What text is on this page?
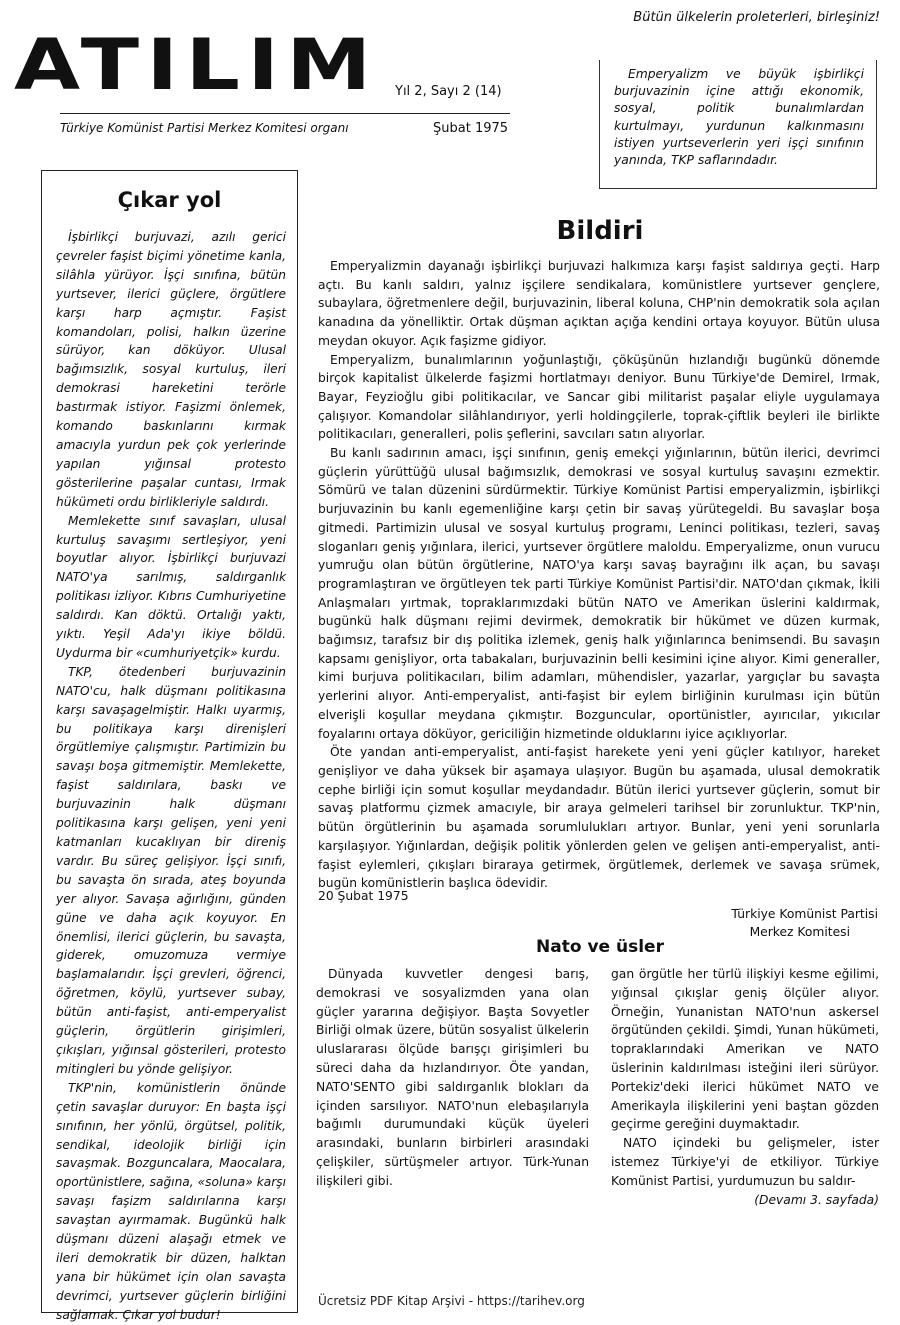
ATILIM	Yıl 2, Sayı 2 (14)
Bütün ülkelerin proleterleri, birleşiniz!
Türkiye Komünist Partisi Merkez Komitesi organı	Şubat 1975
Emperyalizm ve büyük işbirlikçi burjuvazinin içine attığı ekonomik, sosyal, politik bunalımlardan kurtulmayı, yurdunun kalkınmasını istiyen yurtseverlerin yeri işçi sınıfının yanında, TKP saflarındadır.
Çıkar yol

İşbirlikçi burjuvazi, azılı gerici çevreler faşist biçimi yönetime kanla, silâhla yürüyor. İşçi sınıfına, bütün yurtsever, ilerici güçlere, örgütlere karşı harp açmıştır. Faşist komandoları, polisi, halkın üzerine sürüyor, kan döküyor. Ulusal bağımsızlık, sosyal kurtuluş, ileri demokrasi hareketini terörle bastırmak istiyor. Faşizmi önlemek, komando baskınlarını kırmak amacıyla yurdun pek çok yerlerinde yapılan yığınsal protesto gösterilerine paşalar cuntası, Irmak hükümeti ordu birlikleriyle saldırdı.

Memlekette sınıf savaşları, ulusal kurtuluş savaşımı sertleşiyor, yeni boyutlar alıyor. İşbirlikçi burjuvazi NATO'ya sarılmış, saldırganlık politikası izliyor. Kıbrıs Cumhuriyetine saldırdı. Kan döktü. Ortalığı yaktı, yıktı. Yeşil Ada'yı ikiye böldü. Uydurma bir «cumhuriyetçik» kurdu.

TKP, ötedenberi burjuvazinin NATO'cu, halk düşmanı politikasına karşı savaşagelmiştir. Halkı uyarmış, bu politikaya karşı direnişleri örgütlemiye çalışmıştır. Partimizin bu savaşı boşa gitmemiştir. Memlekette, faşist saldırılara, baskı ve burjuvazinin halk düşmanı politikasına karşı gelişen, yeni yeni katmanları kucaklıyan bir direniş vardır. Bu süreç gelişiyor. İşçi sınıfı, bu savaşta ön sırada, ateş boyunda yer alıyor. Savaşa ağırlığını, günden güne ve daha açık koyuyor. En önemlisi, ilerici güçlerin, bu savaşta, giderek, omuzomuza vermiye başlamalarıdır. İşçi grevleri, öğrenci, öğretmen, köylü, yurtsever subay, bütün anti-faşist, anti-emperyalist güçlerin, örgütlerin girişimleri, çıkışları, yığınsal gösterileri, protesto mitingleri bu yönde gelişiyor.

TKP'nin, komünistlerin önünde çetin savaşlar duruyor: En başta işçi sınıfının, her yönlü, örgütsel, politik, sendikal, ideolojik birliği için savaşmak. Bozguncalara, Maocalara, oportünistlere, sağına, «soluna» karşı savaşı faşizm saldırılarına karşı savaştan ayırmamak. Bugünkü halk düşmanı düzeni alaşağı etmek ve ileri demokratik bir düzen, halktan yana bir hükümet için olan savaşta devrimci, yurtsever güçlerin birliğini sağlamak. Çıkar yol budur!

Bildiri

Emperyalizmin dayanağı işbirlikçi burjuvazi halkımıza karşı faşist saldırıya geçti. Harp açtı. Bu kanlı saldırı, yalnız işçilere sendikalara, komünistlere yurtsever gençlere, subaylara, öğretmenlere değil, burjuvazinin, liberal koluna, CHP'nin demokratik sola açılan kanadına da yönelliktir. Ortak düşman açıktan açığa kendini ortaya koyuyor. Bütün ulusa meydan okuyor. Açık faşizme gidiyor.

Emperyalizm, bunalımlarının yoğunlaştığı, çöküşünün hızlandığı bugünkü dönemde birçok kapitalist ülkelerde faşizmi hortlatmayı deniyor. Bunu Türkiye'de Demirel, Irmak, Bayar, Feyzioğlu gibi politikacılar, ve Sancar gibi militarist paşalar eliyle uygulamaya çalışıyor. Komandolar silâhlandırıyor, yerli holdingçilerle, toprak-çiftlik beyleri ile birlikte politikacıları, generalleri, polis şeflerini, savcıları satın alıyorlar.

Bu kanlı sadırının amacı, işçi sınıfının, geniş emekçi yığınlarının, bütün ilerici, devrimci güçlerin yürüttüğü ulusal bağımsızlık, demokrasi ve sosyal kurtuluş savaşını ezmektir. Sömürü ve talan düzenini sürdürmektir. Türkiye Komünist Partisi emperyalizmin, işbirlikçi burjuvazinin bu kanlı egemenliğine karşı çetin bir savaş yürütegeldi. Bu savaşlar boşa gitmedi. Partimizin ulusal ve sosyal kurtuluş programı, Leninci politikası, tezleri, savaş sloganları geniş yığınlara, ilerici, yurtsever örgütlere maloldu. Emperyalizme, onun vurucu yumruğu olan bütün örgütlerine, NATO'ya karşı savaş bayrağını ilk açan, bu savaşı programlaştıran ve örgütleyen tek parti Türkiye Komünist Partisi'dir. NATO'dan çıkmak, İkili Anlaşmaları yırtmak, topraklarımızdaki bütün NATO ve Amerikan üslerini kaldırmak, bugünkü halk düşmanı rejimi devirmek, demokratik bir hükümet ve düzen kurmak, bağımsız, tarafsız bir dış politika izlemek, geniş halk yığınlarınca benimsendi. Bu savaşın kapsamı genişliyor, orta tabakaları, burjuvazinin belli kesimini içine alıyor. Kimi generaller, kimi burjuva politikacıları, bilim adamları, mühendisler, yazarlar, yargıçlar bu savaşta yerlerini alıyor. Anti-emperyalist, anti-faşist bir eylem birliğinin kurulması için bütün elverişli koşullar meydana çıkmıştır. Bozguncular, oportünistler, ayırıcılar, yıkıcılar foyalarını ortaya döküyor, gericiliğin hizmetinde olduklarını iyice açıklıyorlar.

Öte yandan anti-emperyalist, anti-faşist harekete yeni yeni güçler katılıyor, hareket genişliyor ve daha yüksek bir aşamaya ulaşıyor. Bugün bu aşamada, ulusal demokratik cephe birliği için somut koşullar meydandadır. Bütün ilerici yurtsever güçlerin, somut bir savaş platformu çizmek amacıyle, bir araya gelmeleri tarihsel bir zorunluktur. TKP'nin, bütün örgütlerinin bu aşamada sorumlulukları artıyor. Bunlar, yeni yeni sorunlarla karşılaşıyor. Yığınlardan, değişik politik yönlerden gelen ve gelişen anti-emperyalist, anti-faşist eylemleri, çıkışları biraraya getirmek, örgütlemek, derlemek ve savaşa srümek, bugün komünistlerin başlıca ödevidir.

20 Şubat 1975
Türkiye Komünist Partisi
Merkez Komitesi
Nato ve üsler

Dünyada kuvvetler dengesi barış, demokrasi ve sosyalizmden yana olan güçler yararına değişiyor. Başta Sovyetler Birliği olmak üzere, bütün sosyalist ülkelerin uluslararası ölçüde barışçı girişimleri bu süreci daha da hızlandırıyor. Öte yandan, NATO'SENTO gibi saldırganlık blokları da içinden sarsılıyor. NATO'nun elebaşılarıyla bağımlı durumundaki küçük üyeleri arasındaki, bunların birbirleri arasındaki çelişkiler, sürtüşmeler artıyor. Türk-Yunan ilişkileri gibi.

gan örgütle her türlü ilişkiyi kesme eğilimi, yığınsal çıkışlar geniş ölçüler alıyor. Örneğin, Yunanistan NATO'nun askersel örgütünden çekildi. Şimdi, Yunan hükümeti, topraklarındaki Amerikan ve NATO üslerinin kaldırılması isteğini ileri sürüyor. Portekiz'deki ilerici hükümet NATO ve Amerikayla ilişkilerini yeni baştan gözden geçirme gereğini duymaktadır.

NATO içindeki bu gelişmeler, ister istemez Türkiye'yi de etkiliyor. Türkiye Komünist Partisi, yurdumuzun bu saldır-

(Devamı 3. sayfada)
Ücretsiz PDF Kitap Arşivi - https://tarihev.org
